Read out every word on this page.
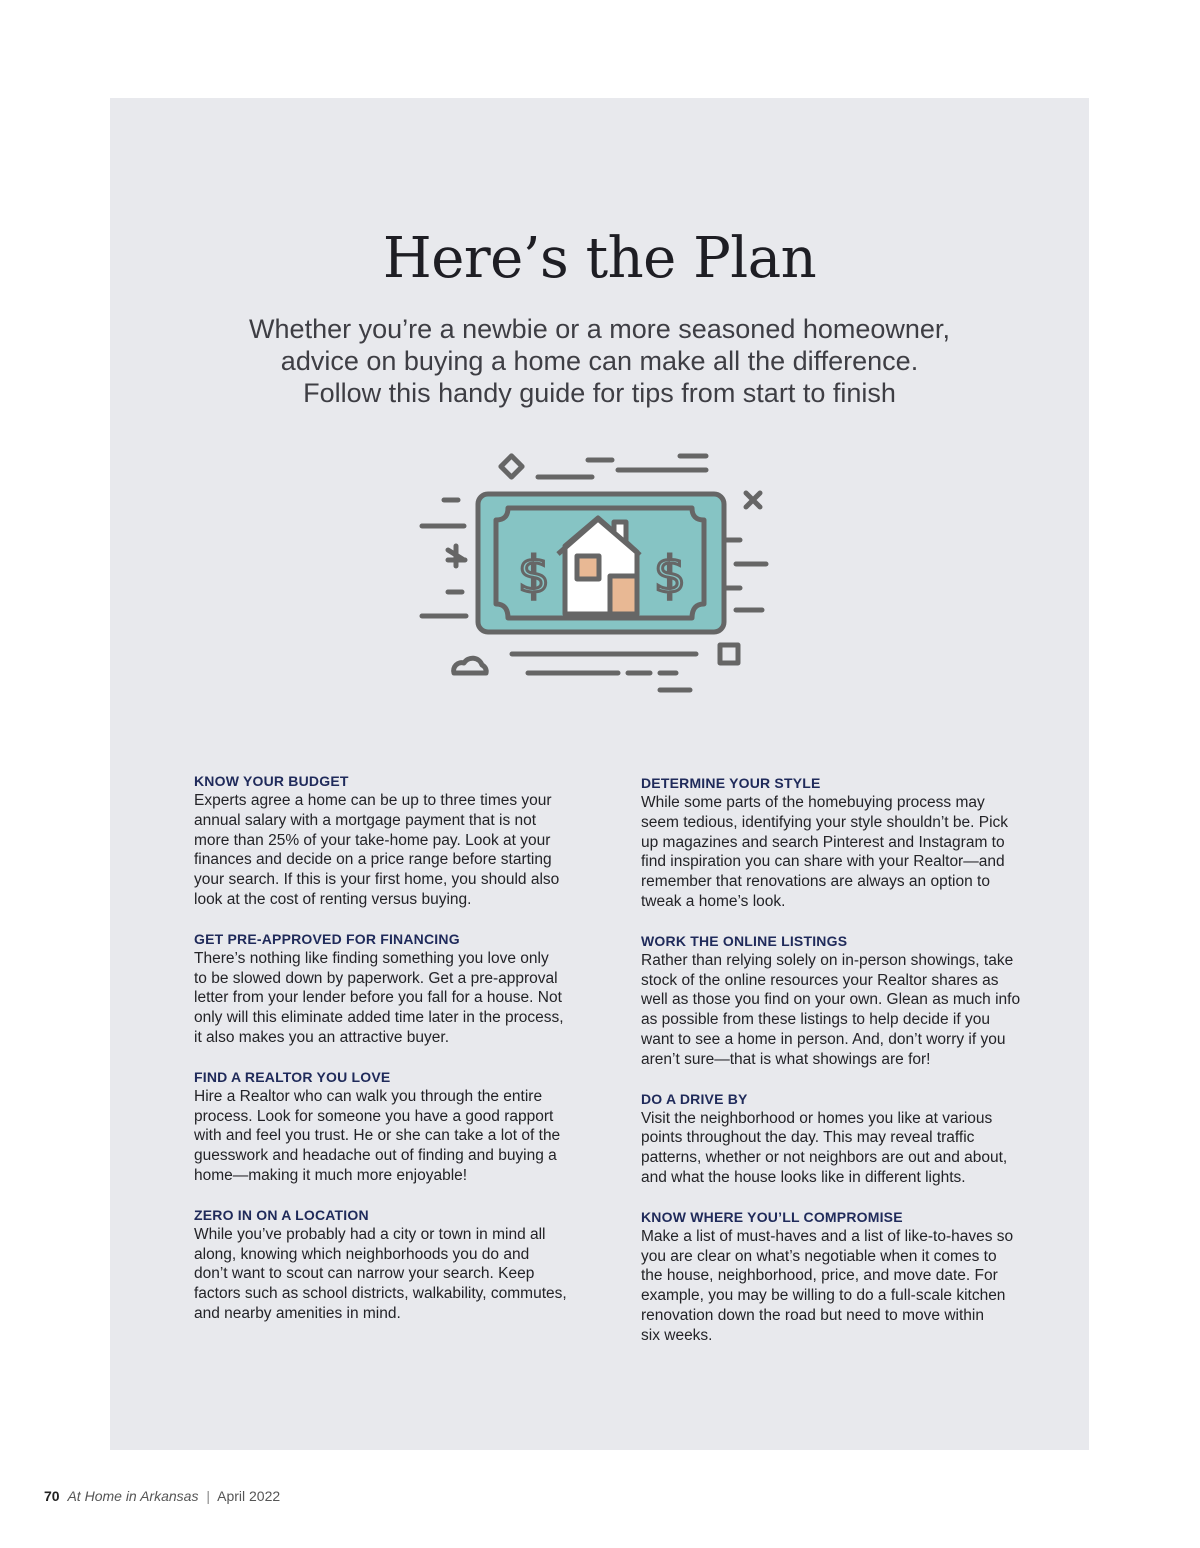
Here’s the Plan

Whether you’re a newbie or a more seasoned homeowner,
advice on buying a home can make all the difference.
Follow this handy guide for tips from start to finish

$ $
KNOW YOUR BUDGET

Experts agree a home can be up to three times your
annual salary with a mortgage payment that is not
more than 25% of your take-home pay. Look at your
finances and decide on a price range before starting
your search. If this is your first home, you should also
look at the cost of renting versus buying.

GET PRE-APPROVED FOR FINANCING

There’s nothing like finding something you love only
to be slowed down by paperwork. Get a pre-approval
letter from your lender before you fall for a house. Not
only will this eliminate added time later in the process,
it also makes you an attractive buyer.

FIND A REALTOR YOU LOVE

Hire a Realtor who can walk you through the entire
process. Look for someone you have a good rapport
with and feel you trust. He or she can take a lot of the
guesswork and headache out of finding and buying a
home—making it much more enjoyable!

ZERO IN ON A LOCATION

While you’ve probably had a city or town in mind all
along, knowing which neighborhoods you do and
don’t want to scout can narrow your search. Keep
factors such as school districts, walkability, commutes,
and nearby amenities in mind.

DETERMINE YOUR STYLE

While some parts of the homebuying process may
seem tedious, identifying your style shouldn’t be. Pick
up magazines and search Pinterest and Instagram to
find inspiration you can share with your Realtor—and
remember that renovations are always an option to
tweak a home’s look.

WORK THE ONLINE LISTINGS

Rather than relying solely on in-person showings, take
stock of the online resources your Realtor shares as
well as those you find on your own. Glean as much info
as possible from these listings to help decide if you
want to see a home in person. And, don’t worry if you
aren’t sure—that is what showings are for!

DO A DRIVE BY

Visit the neighborhood or homes you like at various
points throughout the day. This may reveal traffic
patterns, whether or not neighbors are out and about,
and what the house looks like in different lights.

KNOW WHERE YOU’LL COMPROMISE

Make a list of must-haves and a list of like-to-haves so
you are clear on what’s negotiable when it comes to
the house, neighborhood, price, and move date. For
example, you may be willing to do a full-scale kitchen
renovation down the road but need to move within
six weeks.

70 At Home in Arkansas | April 2022
